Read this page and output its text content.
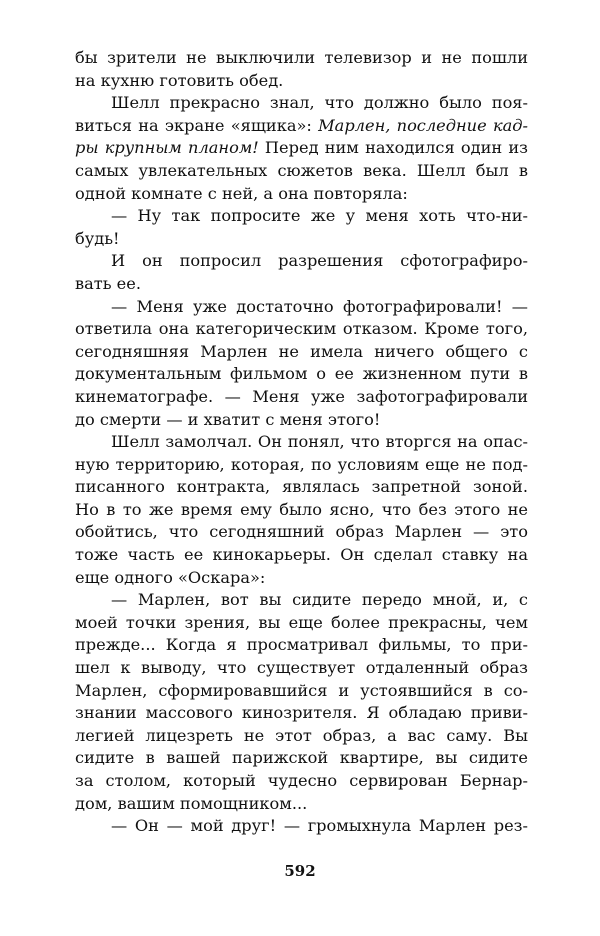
бы зрители не выключили телевизор и не пошли
на кухню готовить обед.
Шелл прекрасно знал, что должно было поя-
виться на экране «ящика»: Марлен, последние кад-
ры крупным планом! Перед ним находился один из
самых увлекательных сюжетов века. Шелл был в
одной комнате с ней, а она повторяла:
— Ну так попросите же у меня хоть что-ни-
будь!
И он попросил разрешения сфотографиро-
вать ее.
— Меня уже достаточно фотографировали! —
ответила она категорическим отказом. Кроме того,
сегодняшняя Марлен не имела ничего общего с
документальным фильмом о ее жизненном пути в
кинематографе. — Меня уже зафотографировали
до смерти — и хватит с меня этого!
Шелл замолчал. Он понял, что вторгся на опас-
ную территорию, которая, по условиям еще не под-
писанного контракта, являлась запретной зоной.
Но в то же время ему было ясно, что без этого не
обойтись, что сегодняшний образ Марлен — это
тоже часть ее кинокарьеры. Он сделал ставку на
еще одного «Оскара»:
— Марлен, вот вы сидите передо мной, и, с
моей точки зрения, вы еще более прекрасны, чем
прежде... Когда я просматривал фильмы, то при-
шел к выводу, что существует отдаленный образ
Марлен, сформировавшийся и устоявшийся в со-
знании массового кинозрителя. Я обладаю приви-
легией лицезреть не этот образ, а вас саму. Вы
сидите в вашей парижской квартире, вы сидите
за столом, который чудесно сервирован Бернар-
дом, вашим помощником...
— Он — мой друг! — громыхнула Марлен рез-
592
